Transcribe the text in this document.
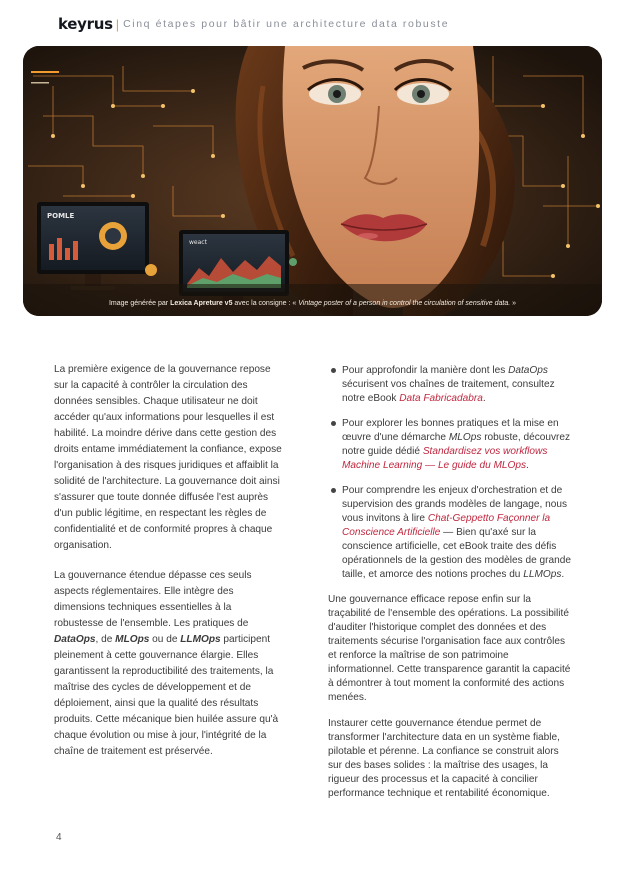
keyrus | Cinq étapes pour bâtir une architecture data robuste
POMLE
weact
Image générée par Lexica Apreture v5 avec la consigne : « Vintage poster of a person in control the circulation of sensitive data. »

La première exigence de la gouvernance repose sur la capacité à contrôler la circulation des données sensibles. Chaque utilisateur ne doit accéder qu'aux informations pour lesquelles il est habilité. La moindre dérive dans cette gestion des droits entame immédiatement la confiance, expose l'organisation à des risques juridiques et affaiblit la solidité de l'architecture. La gouvernance doit ainsi s'assurer que toute donnée diffusée l'est auprès d'un public légitime, en respectant les règles de confidentialité et de conformité propres à chaque organisation.

La gouvernance étendue dépasse ces seuls aspects réglementaires. Elle intègre des dimensions techniques essentielles à la robustesse de l'ensemble. Les pratiques de DataOps, de MLOps ou de LLMOps participent pleinement à cette gouvernance élargie. Elles garantissent la reproductibilité des traitements, la maîtrise des cycles de développement et de déploiement, ainsi que la qualité des résultats produits. Cette mécanique bien huilée assure qu'à chaque évolution ou mise à jour, l'intégrité de la chaîne de traitement est préservée.

Pour approfondir la manière dont les DataOps sécurisent vos chaînes de traitement, consultez notre eBook Data Fabricadabra.
Pour explorer les bonnes pratiques et la mise en œuvre d'une démarche MLOps robuste, découvrez notre guide dédié Standardisez vos workflows Machine Learning — Le guide du MLOps.
Pour comprendre les enjeux d'orchestration et de supervision des grands modèles de langage, nous vous invitons à lire Chat-Geppetto Façonner la Conscience Artificielle — Bien qu'axé sur la conscience artificielle, cet eBook traite des défis opérationnels de la gestion des modèles de grande taille, et amorce des notions proches du LLMOps.

Une gouvernance efficace repose enfin sur la traçabilité de l'ensemble des opérations. La possibilité d'auditer l'historique complet des données et des traitements sécurise l'organisation face aux contrôles et renforce la maîtrise de son patrimoine informationnel. Cette transparence garantit la capacité à démontrer à tout moment la conformité des actions menées.

Instaurer cette gouvernance étendue permet de transformer l'architecture data en un système fiable, pilotable et pérenne. La confiance se construit alors sur des bases solides : la maîtrise des usages, la rigueur des processus et la capacité à concilier performance technique et rentabilité économique.

4
